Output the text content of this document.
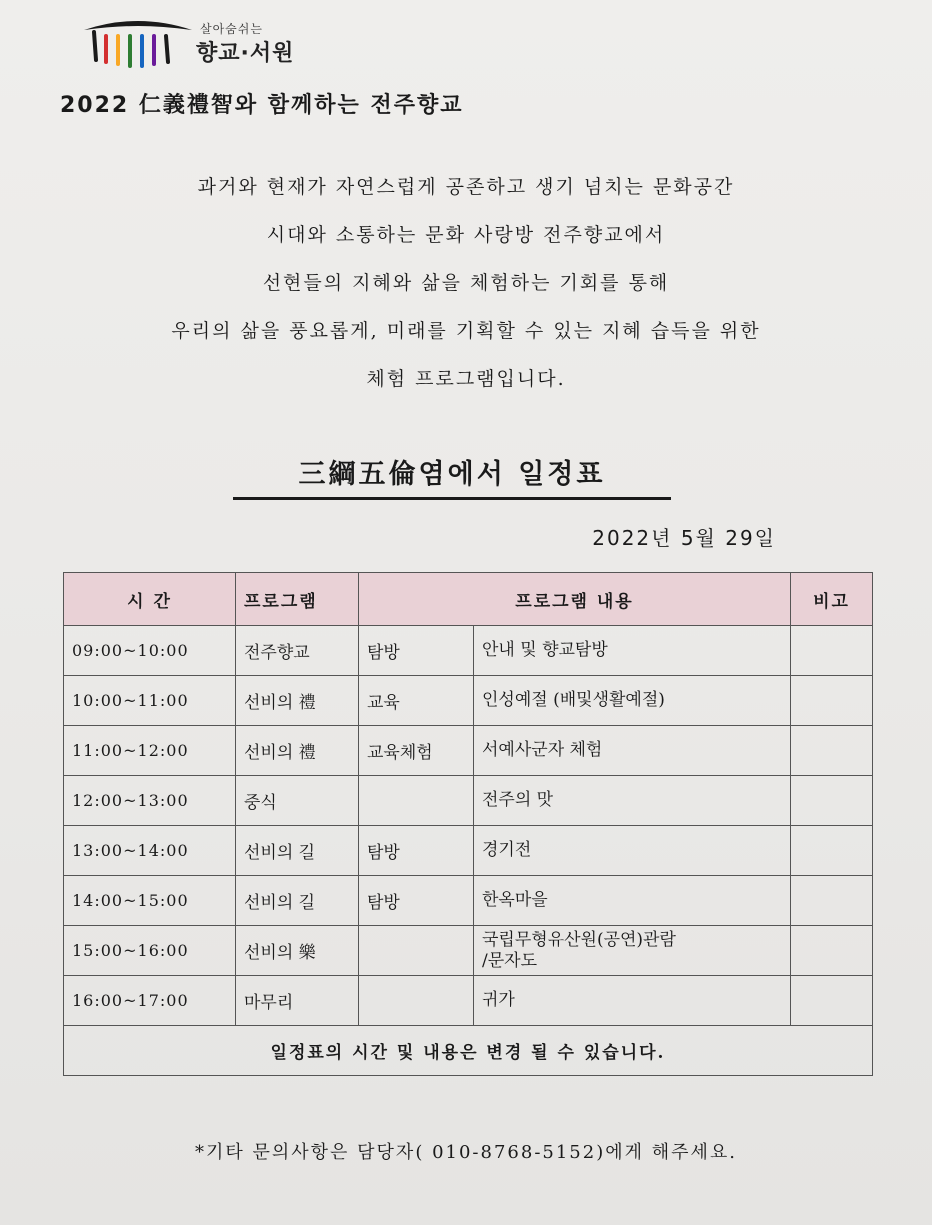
살아숨쉬는
향교·서원
2022 仁義禮智와 함께하는 전주향교
과거와 현재가 자연스럽게 공존하고 생기 넘치는 문화공간
시대와 소통하는 문화 사랑방 전주향교에서
선현들의 지혜와 삶을 체험하는 기회를 통해
우리의 삶을 풍요롭게, 미래를 기획할 수 있는 지혜 습득을 위한
체험 프로그램입니다.
三綱五倫염에서 일정표
2022년 5월 29일
시 간	프로그램	프로그램 내용		비고
09:00~10:00	전주향교	탐방	안내 및 향교탐방	
10:00~11:00	선비의 禮	교육	인성예절 (배및생활예절)	
11:00~12:00	선비의 禮	교육체험	서예사군자 체험	
12:00~13:00	중식		전주의 맛	
13:00~14:00	선비의 길	탐방	경기전	
14:00~15:00	선비의 길	탐방	한옥마을	
15:00~16:00	선비의 樂		국립무형유산원(공연)관람
/문자도	
16:00~17:00	마무리		귀가	
일정표의 시간 및 내용은 변경 될 수 있습니다.				
*기타 문의사항은 담당자( 010-8768-5152)에게 해주세요.
